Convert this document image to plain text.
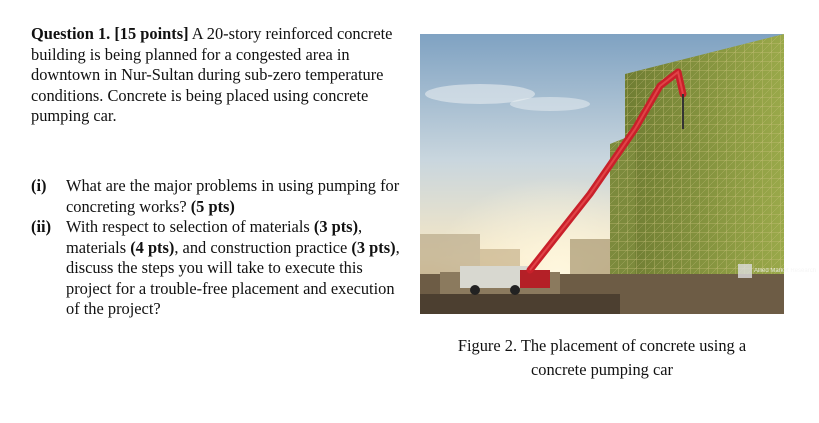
Question 1. [15 points] A 20-story reinforced concrete building is being planned for a congested area in downtown in Nur-Sultan during sub-zero temperature conditions. Concrete is being placed using concrete pumping car.

(i)	What are the major problems in using pumping for concreting works? (5 pts)
(ii) With respect to selection of materials (3 pts), materials (4 pts), and construction practice (3 pts), discuss the steps you will take to execute this project for a trouble-free placement and execution of the project?
Allied Market Research
Figure 2. The placement of concrete using a
concrete pumping car
